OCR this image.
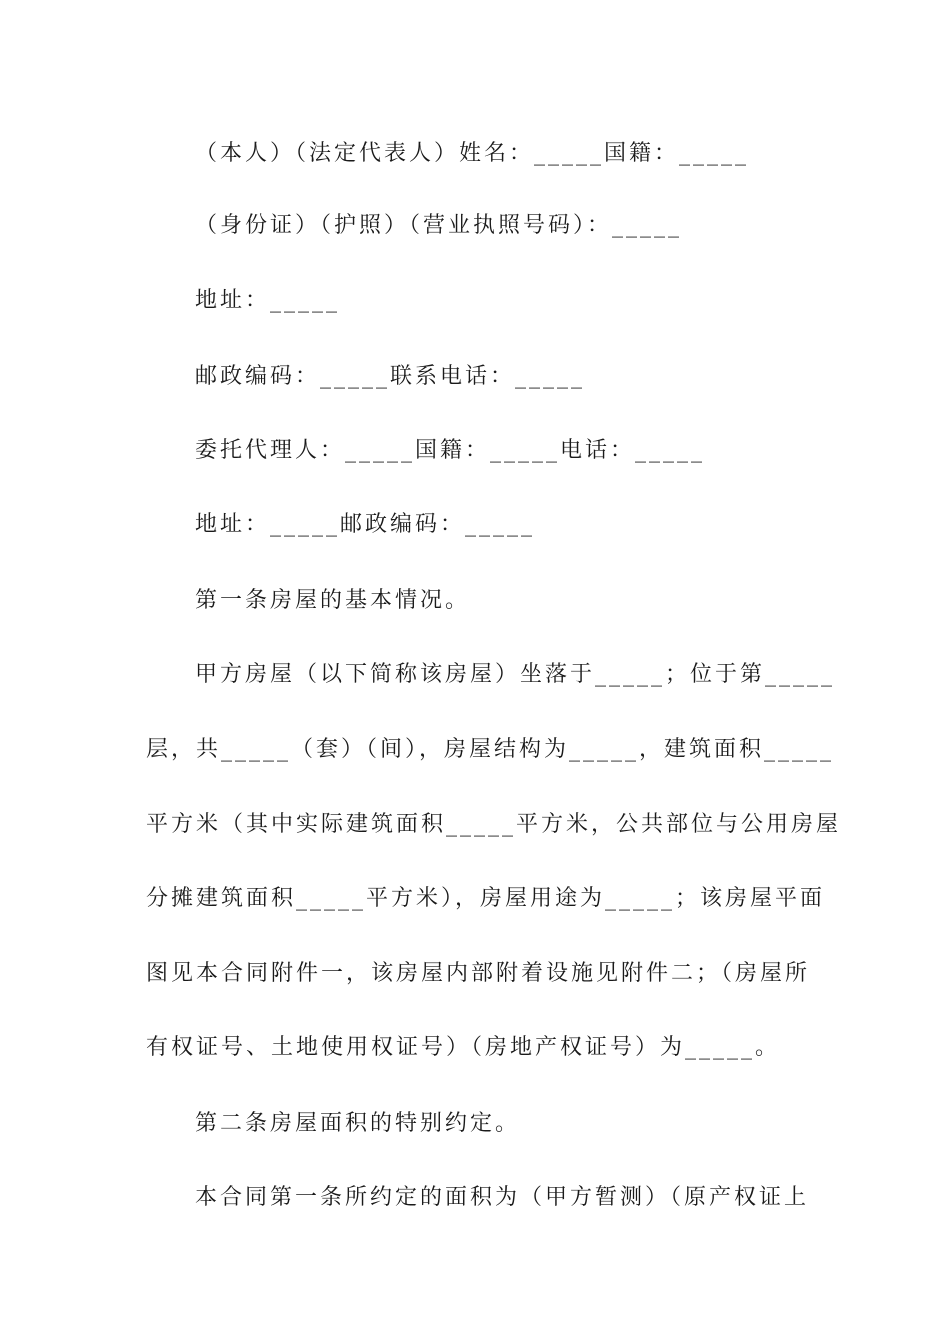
（本人）（法定代表人）姓名：_____国籍：_____
（身份证）（护照）（营业执照号码）：_____
地址：_____
邮政编码：_____联系电话：_____
委托代理人：_____国籍：_____电话：_____
地址：_____邮政编码：_____
第一条房屋的基本情况。
甲方房屋（以下简称该房屋）坐落于_____；位于第_____
层，共_____（套）（间），房屋结构为_____，建筑面积_____
平方米（其中实际建筑面积_____平方米，公共部位与公用房屋
分摊建筑面积_____平方米），房屋用途为_____；该房屋平面
图见本合同附件一，该房屋内部附着设施见附件二；（房屋所
有权证号、土地使用权证号）（房地产权证号）为_____。
第二条房屋面积的特别约定。
本合同第一条所约定的面积为（甲方暂测）（原产权证上
